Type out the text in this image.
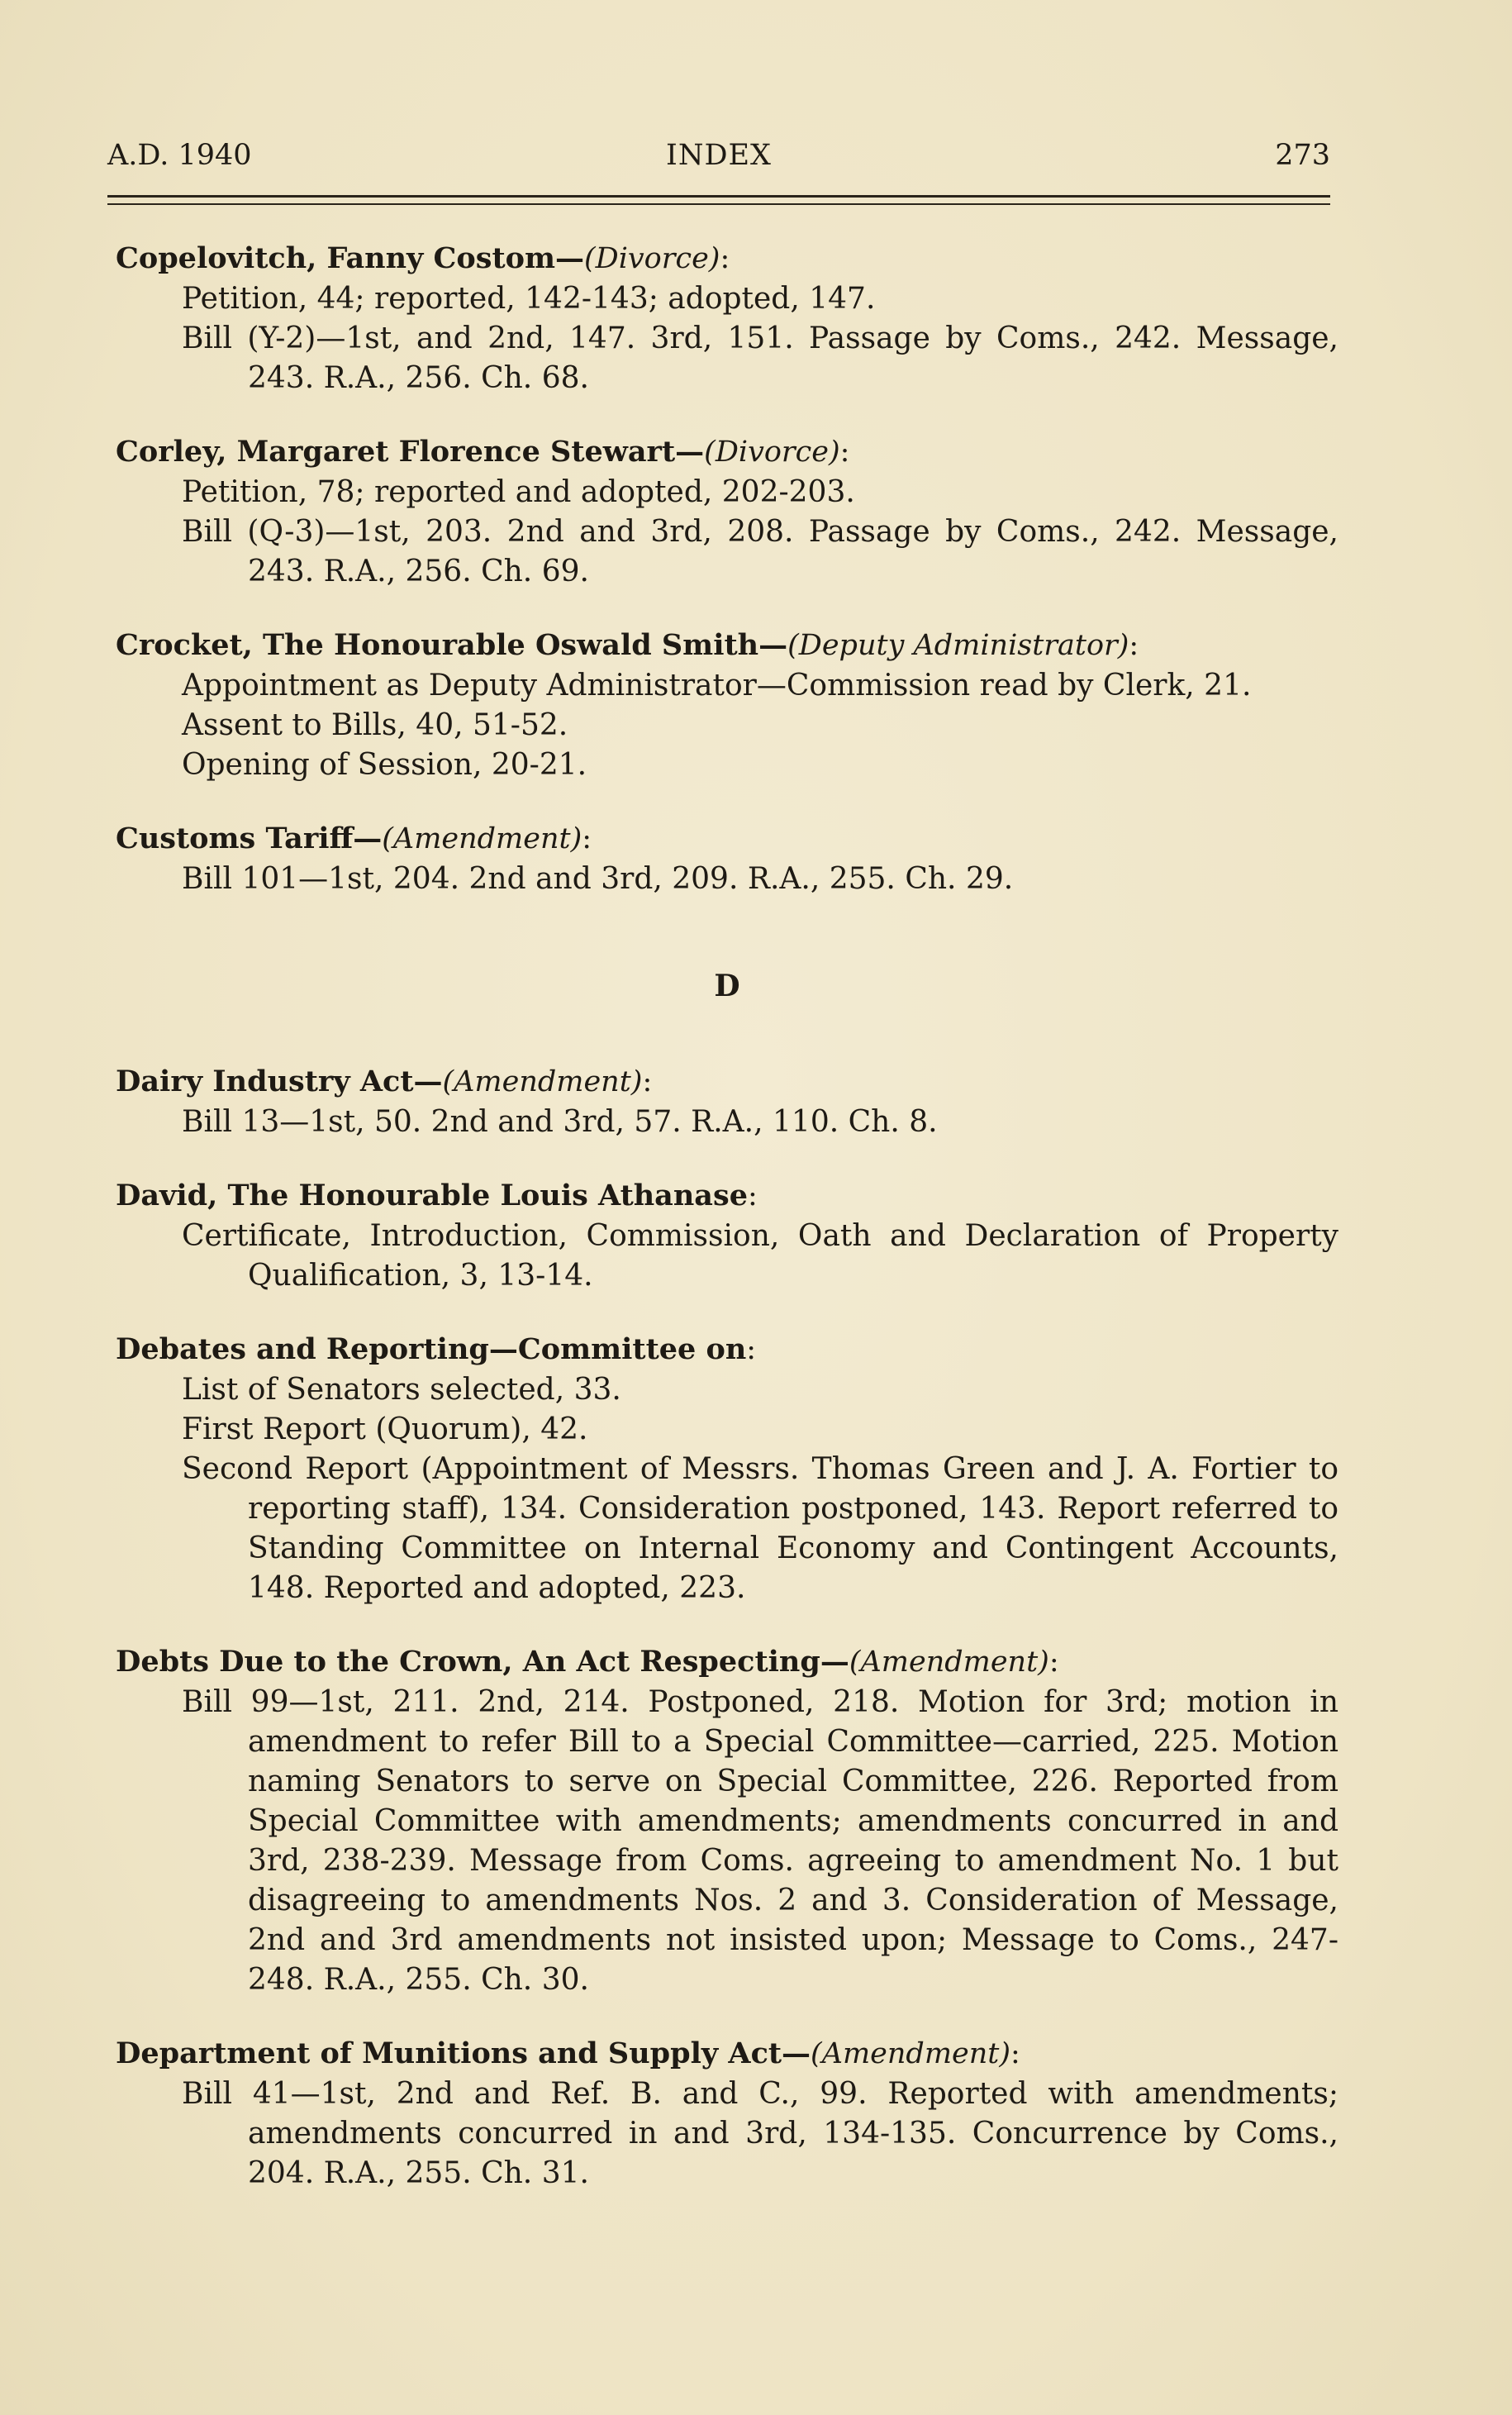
A.D. 1940	INDEX	273
Copelovitch, Fanny Costom—(Divorce):
Petition, 44; reported, 142-143; adopted, 147.
Bill (Y-2)—1st, and 2nd, 147. 3rd, 151. Passage by Coms., 242. Message, 243. R.A., 256. Ch. 68.
Corley, Margaret Florence Stewart—(Divorce):
Petition, 78; reported and adopted, 202-203.
Bill (Q-3)—1st, 203. 2nd and 3rd, 208. Passage by Coms., 242. Message, 243. R.A., 256. Ch. 69.
Crocket, The Honourable Oswald Smith—(Deputy Administrator):
Appointment as Deputy Administrator—Commission read by Clerk, 21.
Assent to Bills, 40, 51-52.
Opening of Session, 20-21.
Customs Tariff—(Amendment):
Bill 101—1st, 204. 2nd and 3rd, 209. R.A., 255. Ch. 29.
D
Dairy Industry Act—(Amendment):
Bill 13—1st, 50. 2nd and 3rd, 57. R.A., 110. Ch. 8.
David, The Honourable Louis Athanase:
Certificate, Introduction, Commission, Oath and Declaration of Property Qualification, 3, 13-14.
Debates and Reporting—Committee on:
List of Senators selected, 33.
First Report (Quorum), 42.
Second Report (Appointment of Messrs. Thomas Green and J. A. Fortier to reporting staff), 134. Consideration postponed, 143. Report referred to Standing Committee on Internal Economy and Contingent Accounts, 148. Reported and adopted, 223.
Debts Due to the Crown, An Act Respecting—(Amendment):
Bill 99—1st, 211. 2nd, 214. Postponed, 218. Motion for 3rd; motion in amendment to refer Bill to a Special Committee—carried, 225. Motion naming Senators to serve on Special Committee, 226. Reported from Special Committee with amendments; amendments concurred in and 3rd, 238-239. Message from Coms. agreeing to amendment No. 1 but disagreeing to amendments Nos. 2 and 3. Consideration of Message, 2nd and 3rd amendments not insisted upon; Message to Coms., 247-248. R.A., 255. Ch. 30.
Department of Munitions and Supply Act—(Amendment):
Bill 41—1st, 2nd and Ref. B. and C., 99. Reported with amendments; amendments concurred in and 3rd, 134-135. Concurrence by Coms., 204. R.A., 255. Ch. 31.
